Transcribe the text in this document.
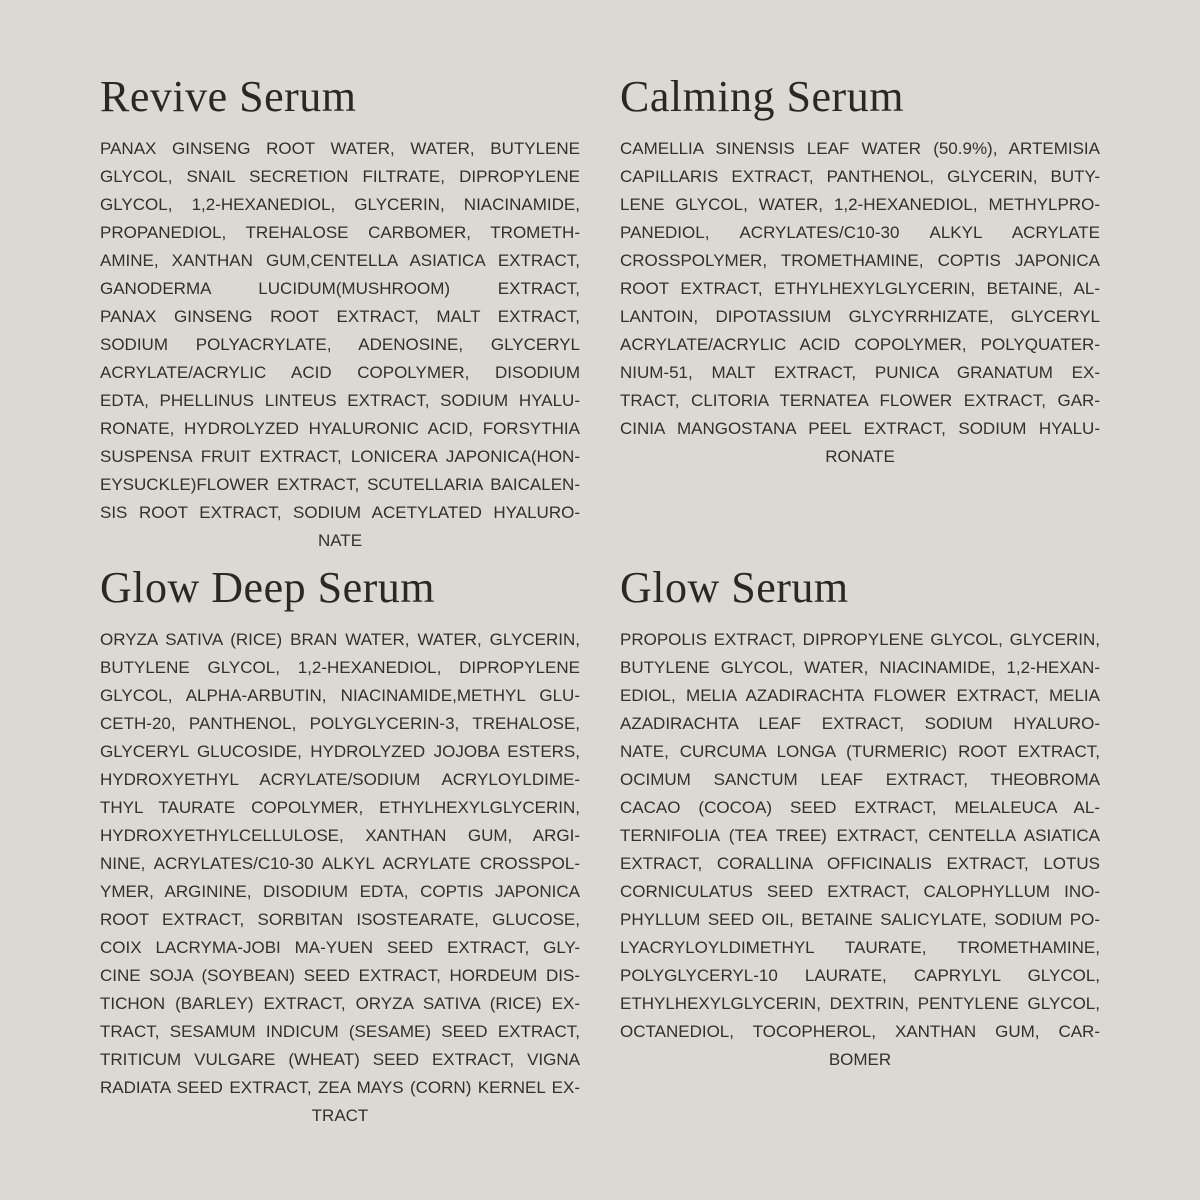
Revive Serum
PANAX GINSENG ROOT WATER, WATER, BUTYLENE
GLYCOL, SNAIL SECRETION FILTRATE, DIPROPYLENE
GLYCOL, 1,2-HEXANEDIOL, GLYCERIN, NIACINAMIDE,
PROPANEDIOL, TREHALOSE CARBOMER, TROMETH-
AMINE, XANTHAN GUM,CENTELLA ASIATICA EXTRACT,
GANODERMA LUCIDUM(MUSHROOM) EXTRACT,
PANAX GINSENG ROOT EXTRACT, MALT EXTRACT,
SODIUM POLYACRYLATE, ADENOSINE, GLYCERYL
ACRYLATE/ACRYLIC ACID COPOLYMER, DISODIUM
EDTA, PHELLINUS LINTEUS EXTRACT, SODIUM HYALU-
RONATE, HYDROLYZED HYALURONIC ACID, FORSYTHIA
SUSPENSA FRUIT EXTRACT, LONICERA JAPONICA(HON-
EYSUCKLE)FLOWER EXTRACT, SCUTELLARIA BAICALEN-
SIS ROOT EXTRACT, SODIUM ACETYLATED HYALURO-
NATE
Calming Serum
CAMELLIA SINENSIS LEAF WATER (50.9%), ARTEMISIA
CAPILLARIS EXTRACT, PANTHENOL, GLYCERIN, BUTY-
LENE GLYCOL, WATER, 1,2-HEXANEDIOL, METHYLPRO-
PANEDIOL, ACRYLATES/C10-30 ALKYL ACRYLATE
CROSSPOLYMER, TROMETHAMINE, COPTIS JAPONICA
ROOT EXTRACT, ETHYLHEXYLGLYCERIN, BETAINE, AL-
LANTOIN, DIPOTASSIUM GLYCYRRHIZATE, GLYCERYL
ACRYLATE/ACRYLIC ACID COPOLYMER, POLYQUATER-
NIUM-51, MALT EXTRACT, PUNICA GRANATUM EX-
TRACT, CLITORIA TERNATEA FLOWER EXTRACT, GAR-
CINIA MANGOSTANA PEEL EXTRACT, SODIUM HYALU-
RONATE
Glow Deep Serum
ORYZA SATIVA (RICE) BRAN WATER, WATER, GLYCERIN,
BUTYLENE GLYCOL, 1,2-HEXANEDIOL, DIPROPYLENE
GLYCOL, ALPHA-ARBUTIN, NIACINAMIDE,METHYL GLU-
CETH-20, PANTHENOL, POLYGLYCERIN-3, TREHALOSE,
GLYCERYL GLUCOSIDE, HYDROLYZED JOJOBA ESTERS,
HYDROXYETHYL ACRYLATE/SODIUM ACRYLOYLDIME-
THYL TAURATE COPOLYMER, ETHYLHEXYLGLYCERIN,
HYDROXYETHYLCELLULOSE, XANTHAN GUM, ARGI-
NINE, ACRYLATES/C10-30 ALKYL ACRYLATE CROSSPOL-
YMER, ARGININE, DISODIUM EDTA, COPTIS JAPONICA
ROOT EXTRACT, SORBITAN ISOSTEARATE, GLUCOSE,
COIX LACRYMA-JOBI MA-YUEN SEED EXTRACT, GLY-
CINE SOJA (SOYBEAN) SEED EXTRACT, HORDEUM DIS-
TICHON (BARLEY) EXTRACT, ORYZA SATIVA (RICE) EX-
TRACT, SESAMUM INDICUM (SESAME) SEED EXTRACT,
TRITICUM VULGARE (WHEAT) SEED EXTRACT, VIGNA
RADIATA SEED EXTRACT, ZEA MAYS (CORN) KERNEL EX-
TRACT
Glow Serum
PROPOLIS EXTRACT, DIPROPYLENE GLYCOL, GLYCERIN,
BUTYLENE GLYCOL, WATER, NIACINAMIDE, 1,2-HEXAN-
EDIOL, MELIA AZADIRACHTA FLOWER EXTRACT, MELIA
AZADIRACHTA LEAF EXTRACT, SODIUM HYALURO-
NATE, CURCUMA LONGA (TURMERIC) ROOT EXTRACT,
OCIMUM SANCTUM LEAF EXTRACT, THEOBROMA
CACAO (COCOA) SEED EXTRACT, MELALEUCA AL-
TERNIFOLIA (TEA TREE) EXTRACT, CENTELLA ASIATICA
EXTRACT, CORALLINA OFFICINALIS EXTRACT, LOTUS
CORNICULATUS SEED EXTRACT, CALOPHYLLUM INO-
PHYLLUM SEED OIL, BETAINE SALICYLATE, SODIUM PO-
LYACRYLOYLDIMETHYL TAURATE, TROMETHAMINE,
POLYGLYCERYL-10 LAURATE, CAPRYLYL GLYCOL,
ETHYLHEXYLGLYCERIN, DEXTRIN, PENTYLENE GLYCOL,
OCTANEDIOL, TOCOPHEROL, XANTHAN GUM, CAR-
BOMER
